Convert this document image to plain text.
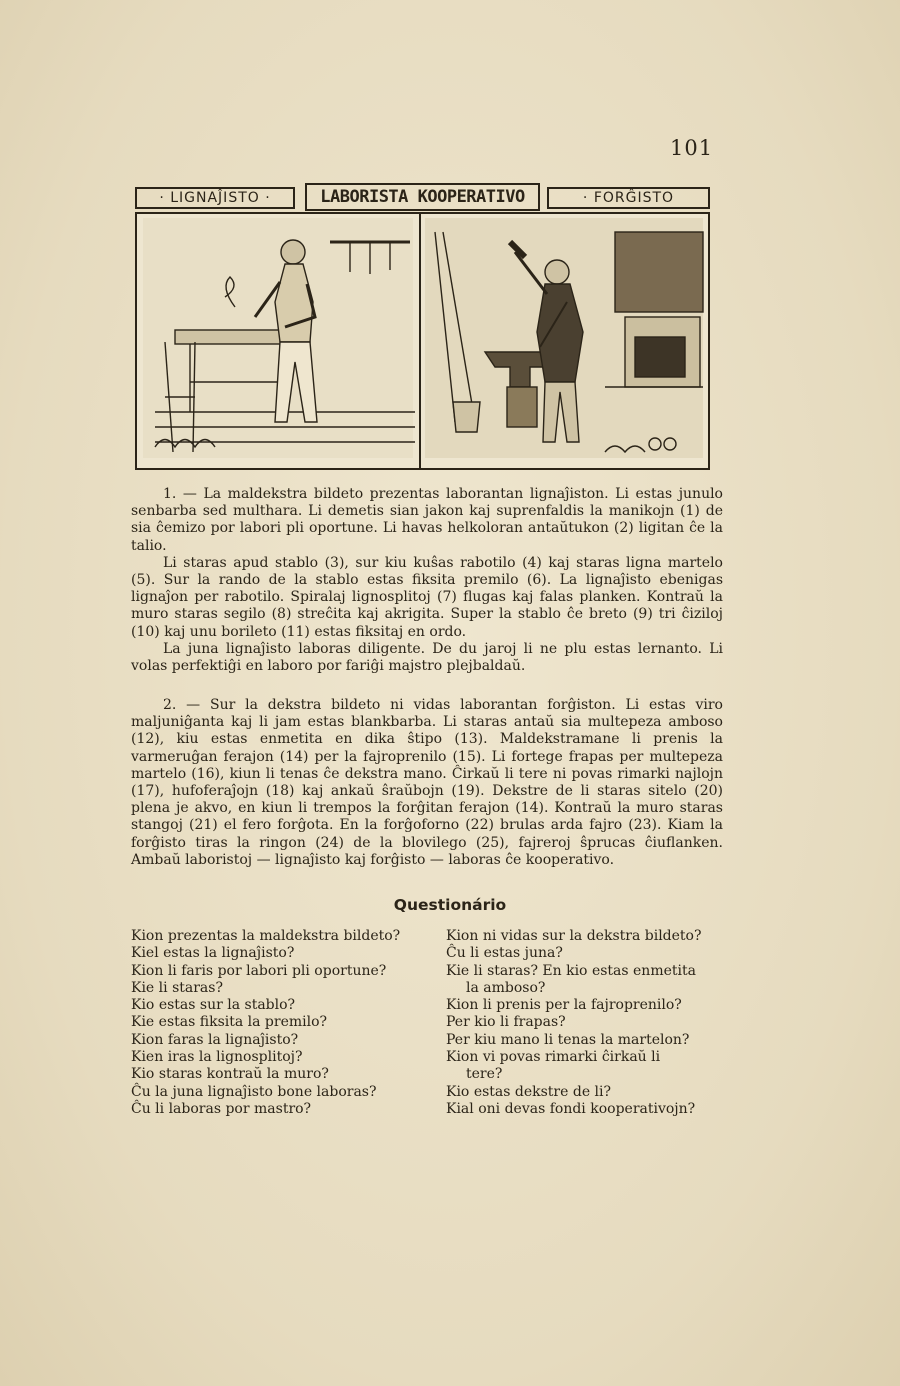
101
· LIGNAĴISTO ·	LABORISTA KOOPERATIVO	· FORĜISTO

1. — La maldekstra bildeto prezentas laborantan lignaĵiston. Li estas junulo senbarba sed multhara. Li demetis sian jakon kaj suprenfaldis la manikojn (1) de sia ĉemizo por labori pli oportune. Li havas helkoloran antaŭtukon (2) ligitan ĉe la talio.

Li staras apud stablo (3), sur kiu kuŝas rabotilo (4) kaj staras ligna martelo (5). Sur la rando de la stablo estas fiksita premilo (6). La lignaĵisto ebenigas lignaĵon per rabotilo. Spiralaj lignosplitoj (7) flugas kaj falas planken. Kontraŭ la muro staras segilo (8) streĉita kaj akrigita. Super la stablo ĉe breto (9) tri ĉiziloj (10) kaj unu borileto (11) estas fiksitaj en ordo.

La juna lignaĵisto laboras diligente. De du jaroj li ne plu estas lernanto. Li volas perfektiĝi en laboro por fariĝi majstro plejbaldaŭ.

2. — Sur la dekstra bildeto ni vidas laborantan forĝiston. Li estas viro maljuniĝanta kaj li jam estas blankbarba. Li staras antaŭ sia multepeza amboso (12), kiu estas enmetita en dika ŝtipo (13). Maldekstramane li prenis la varmeruĝan ferajon (14) per la fajroprenilo (15). Li fortege frapas per multepeza martelo (16), kiun li tenas ĉe dekstra mano. Ĉirkaŭ li tere ni povas rimarki najlojn (17), hufoferaĵojn (18) kaj ankaŭ ŝraŭbojn (19). Dekstre de li staras sitelo (20) plena je akvo, en kiun li trempos la forĝitan ferajon (14). Kontraŭ la muro staras stangoj (21) el fero forĝota. En la forĝoforno (22) brulas arda fajro (23). Kiam la forĝisto tiras la ringon (24) de la blovilego (25), fajreroj ŝprucas ĉiuflanken. Ambaŭ laboristoj — lignaĵisto kaj forĝisto — laboras ĉe kooperativo.

Questionário
Kion prezentas la maldekstra bildeto?
Kiel estas la lignaĵisto?
Kion li faris por labori pli oportune?
Kie li staras?
Kio estas sur la stablo?
Kie estas fiksita la premilo?
Kion faras la lignaĵisto?
Kien iras la lignosplitoj?
Kio staras kontraŭ la muro?
Ĉu la juna lignaĵisto bone laboras?
Ĉu li laboras por mastro?
Kion ni vidas sur la dekstra bildeto?
Ĉu li estas juna?
Kie li staras? En kio estas enmetita
la amboso?
Kion li prenis per la fajroprenilo?
Per kio li frapas?
Per kiu mano li tenas la martelon?
Kion vi povas rimarki ĉirkaŭ li
tere?
Kio estas dekstre de li?
Kial oni devas fondi kooperativojn?
